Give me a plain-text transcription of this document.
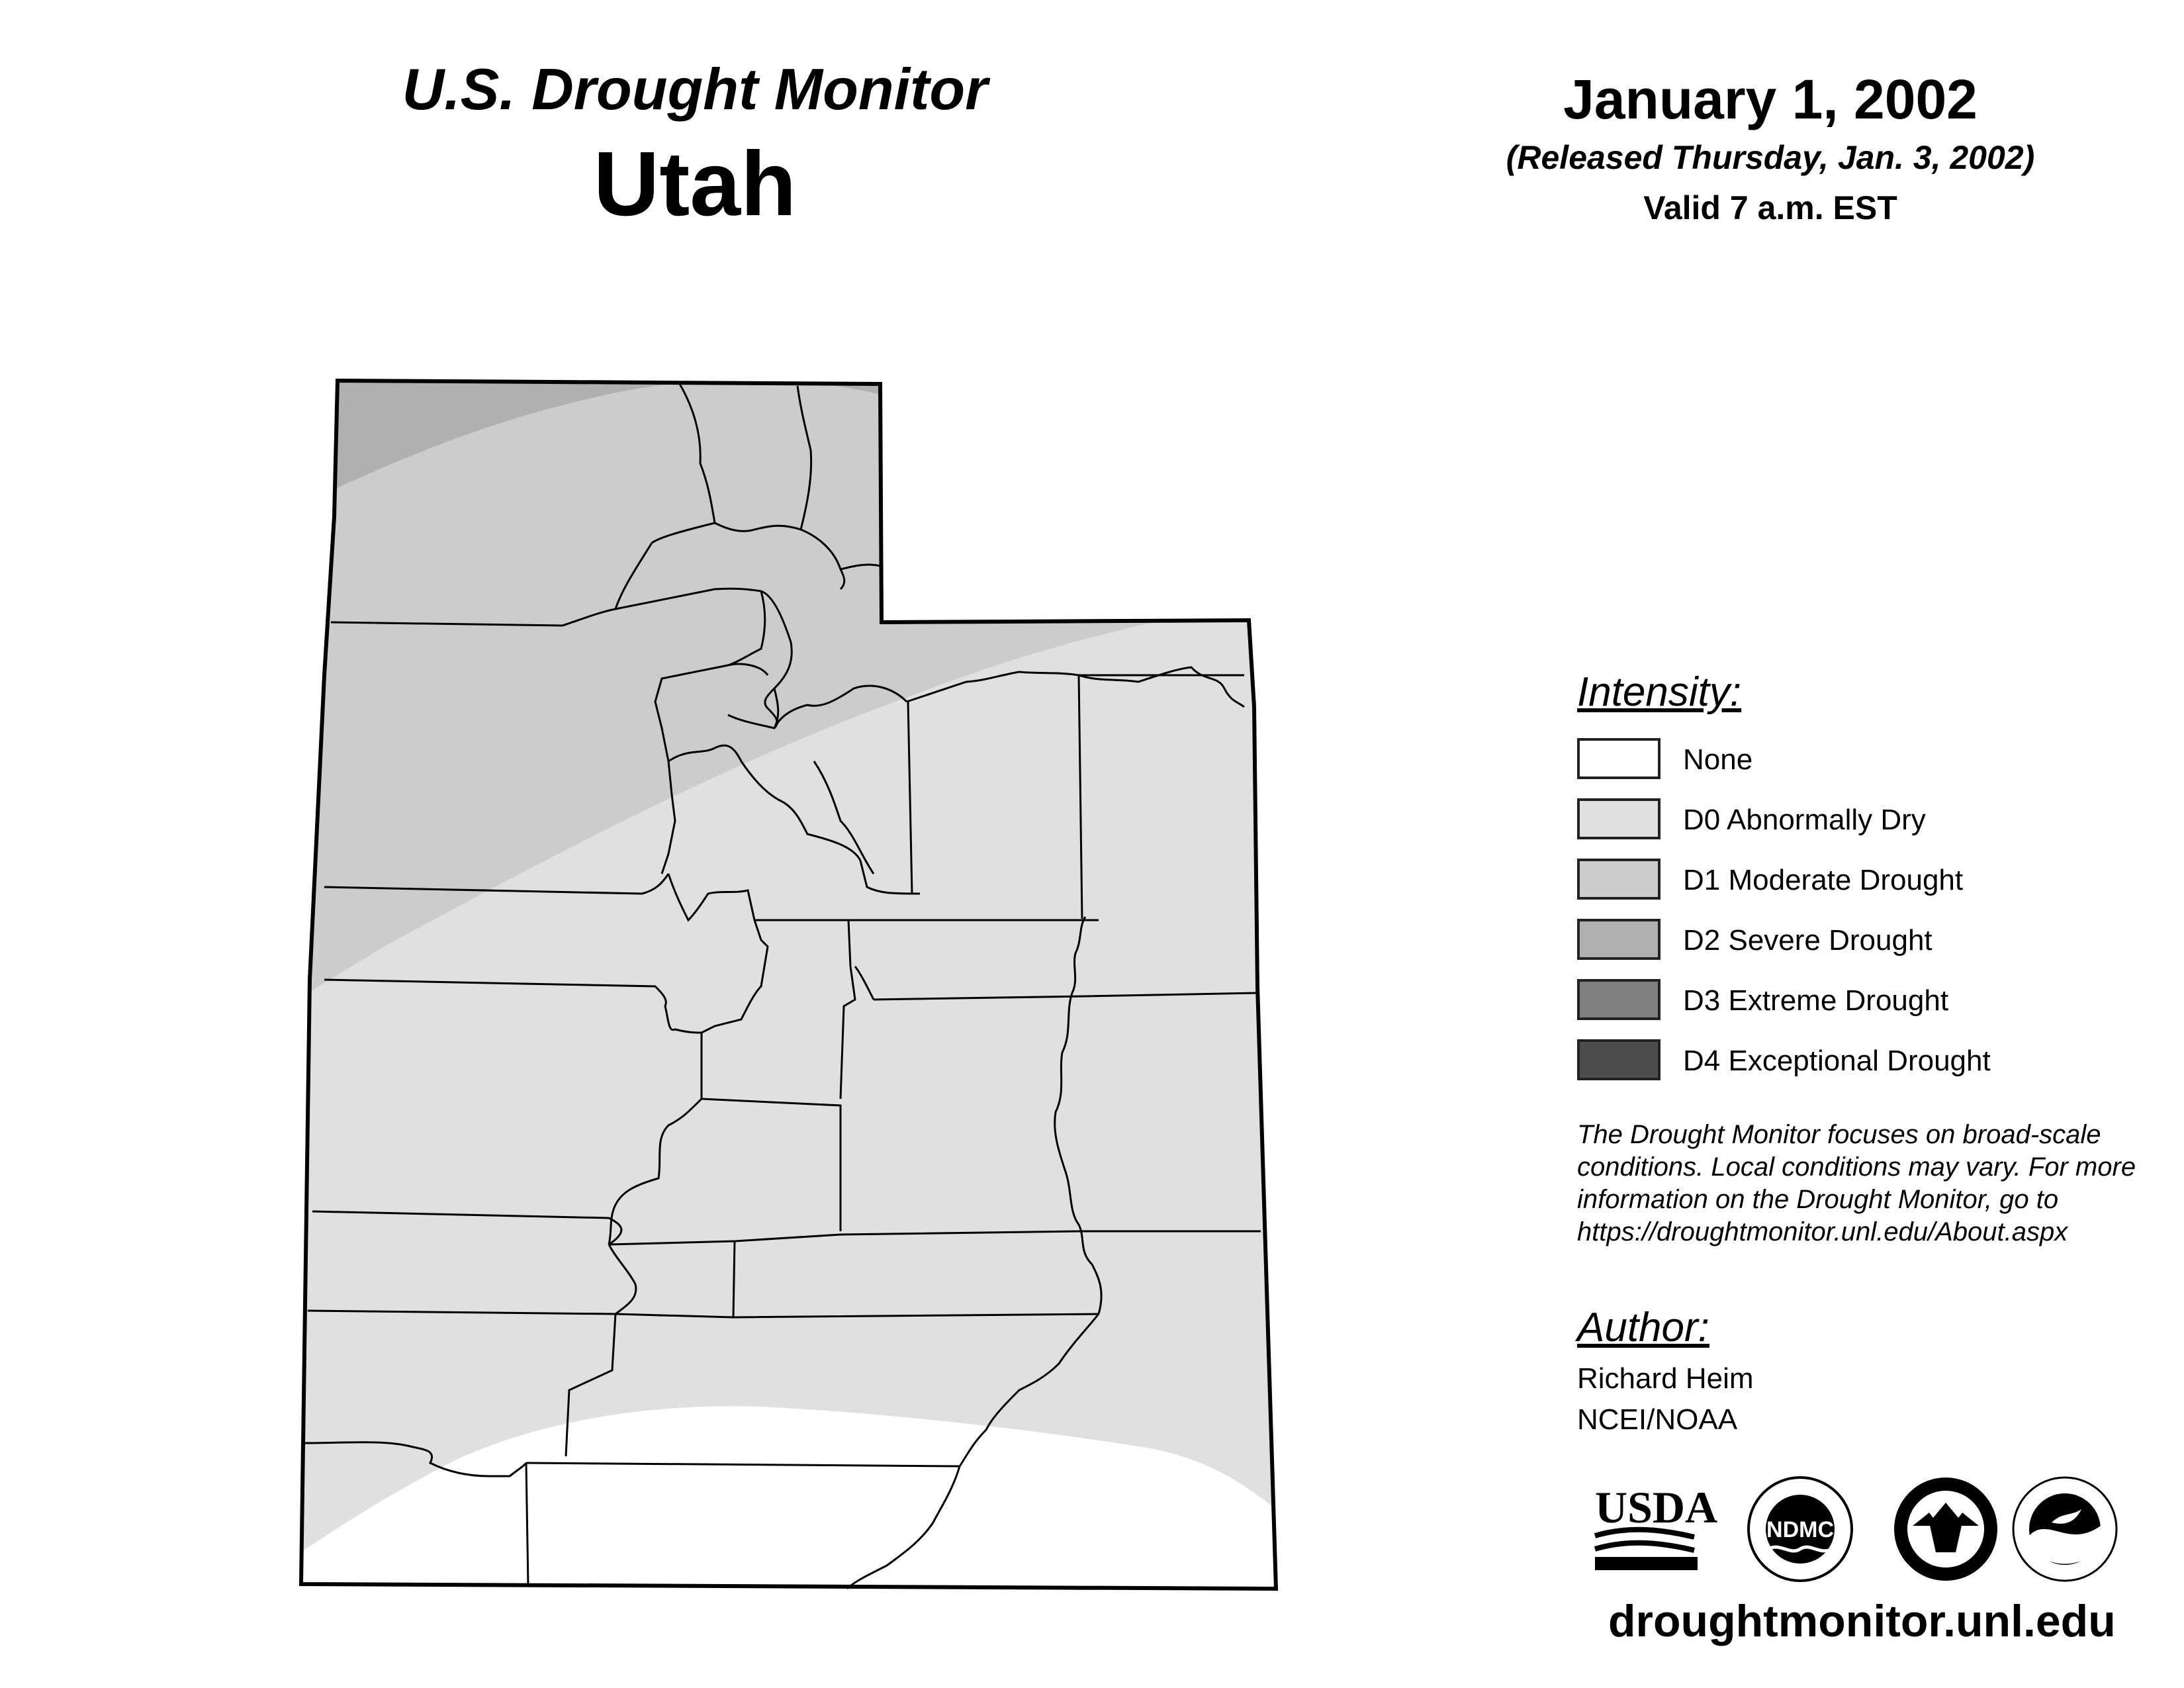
U.S. Drought Monitor
Utah
January 1, 2002
(Released Thursday, Jan. 3, 2002)
Valid 7 a.m. EST
Intensity:
None
D0 Abnormally Dry
D1 Moderate Drought
D2 Severe Drought
D3 Extreme Drought
D4 Exceptional Drought
The Drought Monitor focuses on broad-scale conditions. Local conditions may vary. For more information on the Drought Monitor, go to https://droughtmonitor.unl.edu/About.aspx
Author:
Richard Heim
NCEI/NOAA
USDA NDMC
droughtmonitor.unl.edu
